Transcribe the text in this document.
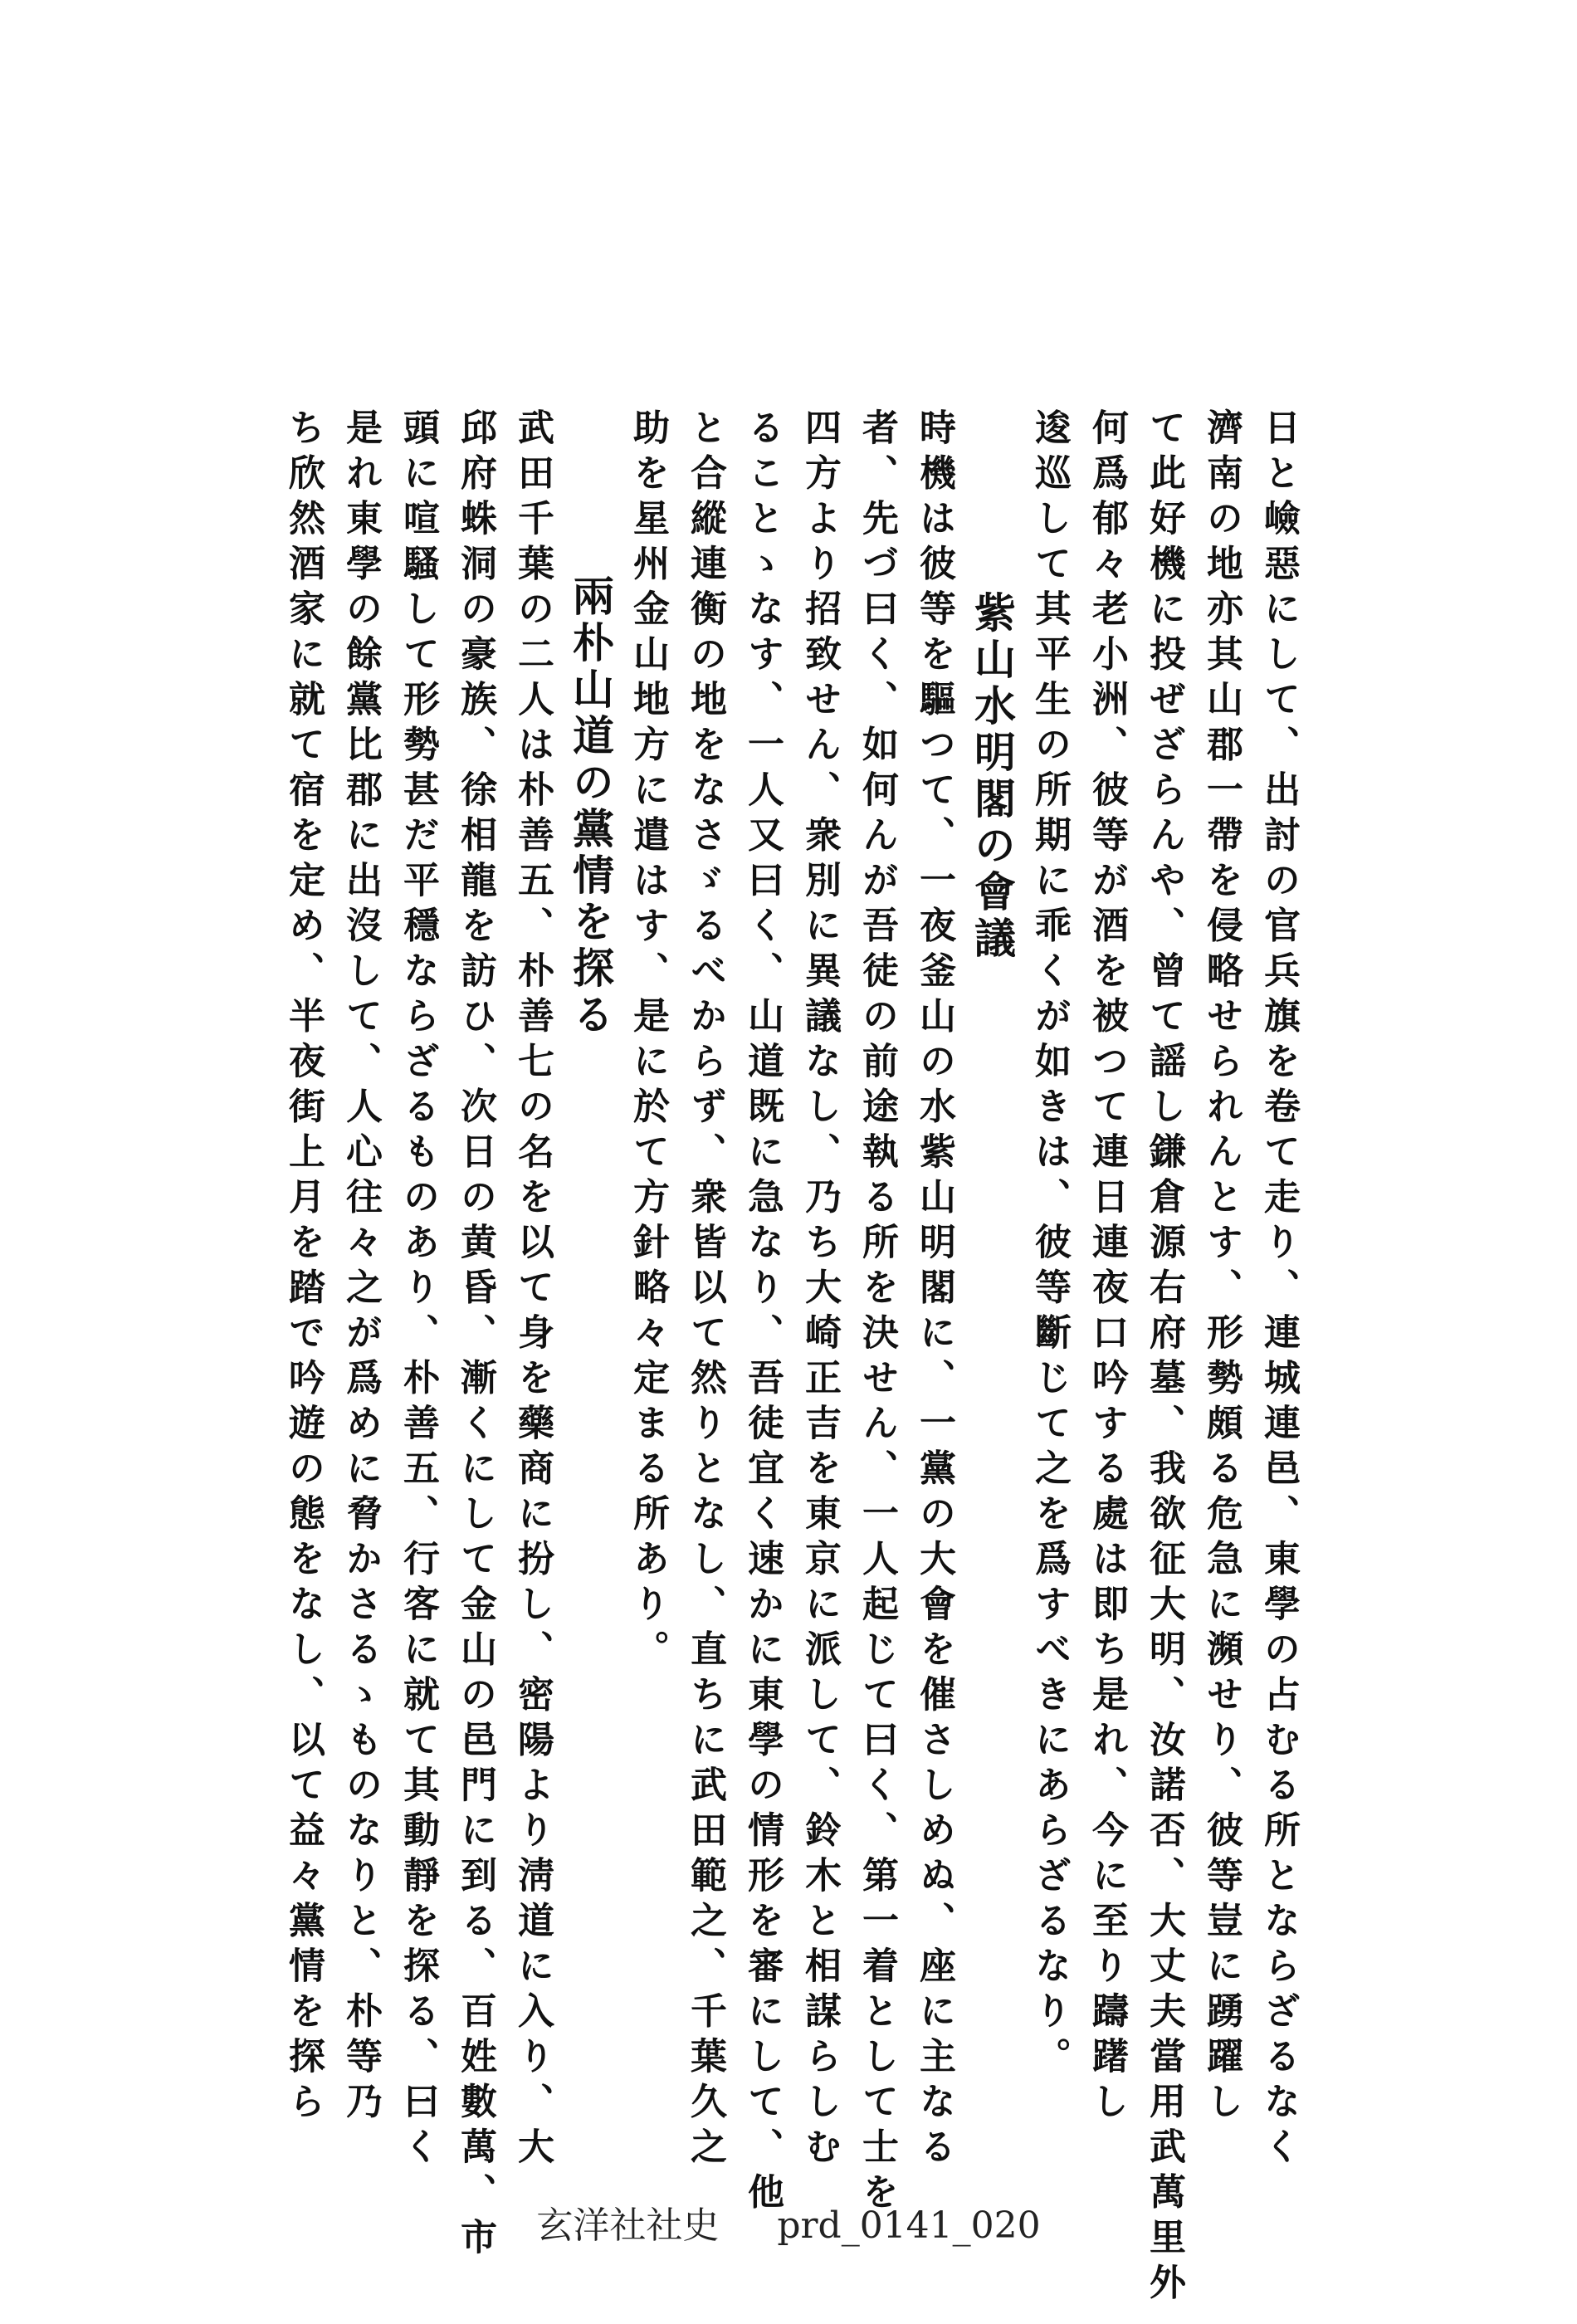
日と嶮惡にして、出討の官兵旗を卷て走り、連城連邑、東學の占むる所とならざるなく
濟南の地亦其山郡一帶を侵略せられんとす、形勢頗る危急に瀕せり、彼等豈に踴躍し
て此好機に投ぜざらんや、曾て謡し鎌倉源右府墓、我欲征大明、汝諾否、大丈夫當用武萬里外
何爲郁々老小洲、彼等が酒を被つて連日連夜口吟する處は即ち是れ、今に至り躊躇し
逡巡して其平生の所期に乖くが如きは、彼等斷じて之を爲すべきにあらざるなり。
紫山水明閣の會議
時機は彼等を驅つて、一夜釜山の水紫山明閣に、一黨の大會を催さしめぬ、座に主なる
者、先づ曰く、如何んが吾徒の前途執る所を決せん、一人起じて曰く、第一着として士を
四方より招致せん、衆別に異議なし、乃ち大崎正吉を東京に派して、鈴木と相謀らしむ
ることゝなす、一人又曰く、山道既に急なり、吾徒宜く速かに東學の情形を審にして、他
と合縱連衡の地をなさゞるべからず、衆皆以て然りとなし、直ちに武田範之、千葉久之
助を星州金山地方に遣はす、是に於て方針略々定まる所あり。
兩朴山道の黨情を探る
武田千葉の二人は朴善五、朴善七の名を以て身を藥商に扮し、密陽より淸道に入り、大
邱府蛛洞の豪族、徐相龍を訪ひ、次日の黄昏、漸くにして金山の邑門に到る、百姓數萬、市
頭に喧騷して形勢甚だ平穩ならざるものあり、朴善五、行客に就て其動靜を探る、曰く
是れ東學の餘黨比郡に出沒して、人心往々之が爲めに脅かさるゝものなりと、朴等乃
ち欣然酒家に就て宿を定め、半夜街上月を踏で吟遊の態をなし、以て益々黨情を探ら
玄洋社社史 prd_0141_020
